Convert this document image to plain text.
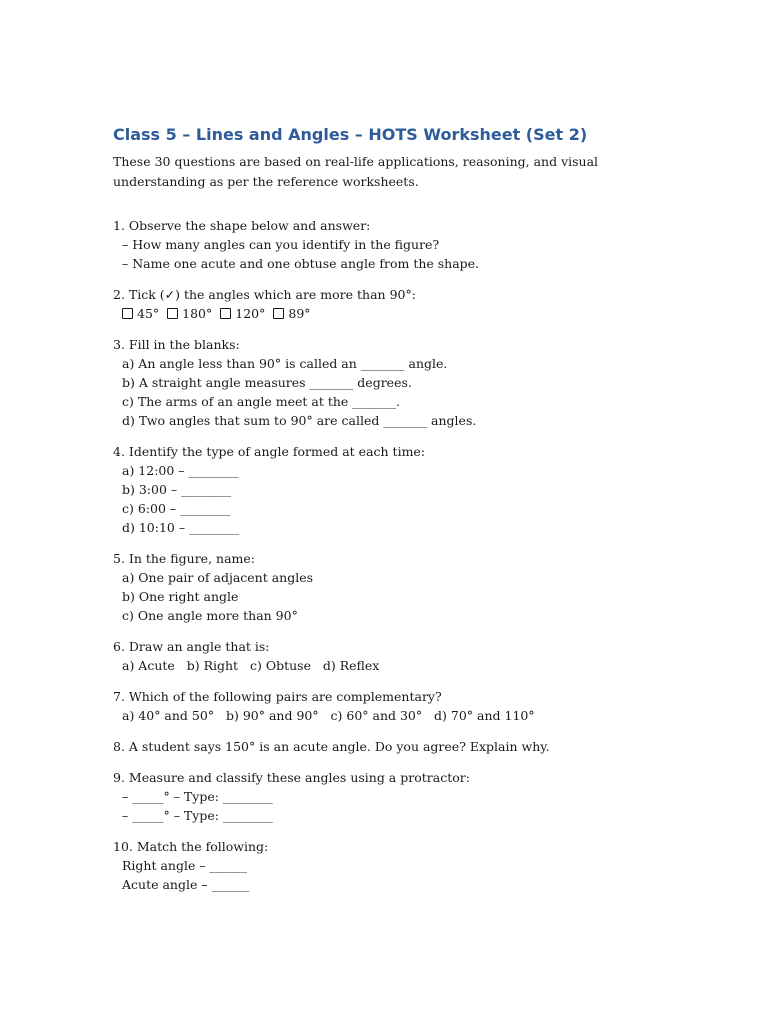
Class 5 – Lines and Angles – HOTS Worksheet (Set 2)

These 30 questions are based on real-life applications, reasoning, and visual understanding as per the reference worksheets.

1. Observe the shape below and answer:
– How many angles can you identify in the figure?
– Name one acute and one obtuse angle from the shape.
2. Tick (✓) the angles which are more than 90°:
45° 180° 120° 89°
3. Fill in the blanks:
a) An angle less than 90° is called an _______ angle.
b) A straight angle measures _______ degrees.
c) The arms of an angle meet at the _______.
d) Two angles that sum to 90° are called _______ angles.
4. Identify the type of angle formed at each time:
a) 12:00 – ________
b) 3:00 – ________
c) 6:00 – ________
d) 10:10 – ________
5. In the figure, name:
a) One pair of adjacent angles
b) One right angle
c) One angle more than 90°
6. Draw an angle that is:
a) Acute   b) Right   c) Obtuse   d) Reflex
7. Which of the following pairs are complementary?
a) 40° and 50°   b) 90° and 90°   c) 60° and 30°   d) 70° and 110°
8. A student says 150° is an acute angle. Do you agree? Explain why.
9. Measure and classify these angles using a protractor:
– _____° – Type: ________
– _____° – Type: ________
10. Match the following:
Right angle – ______
Acute angle – ______
